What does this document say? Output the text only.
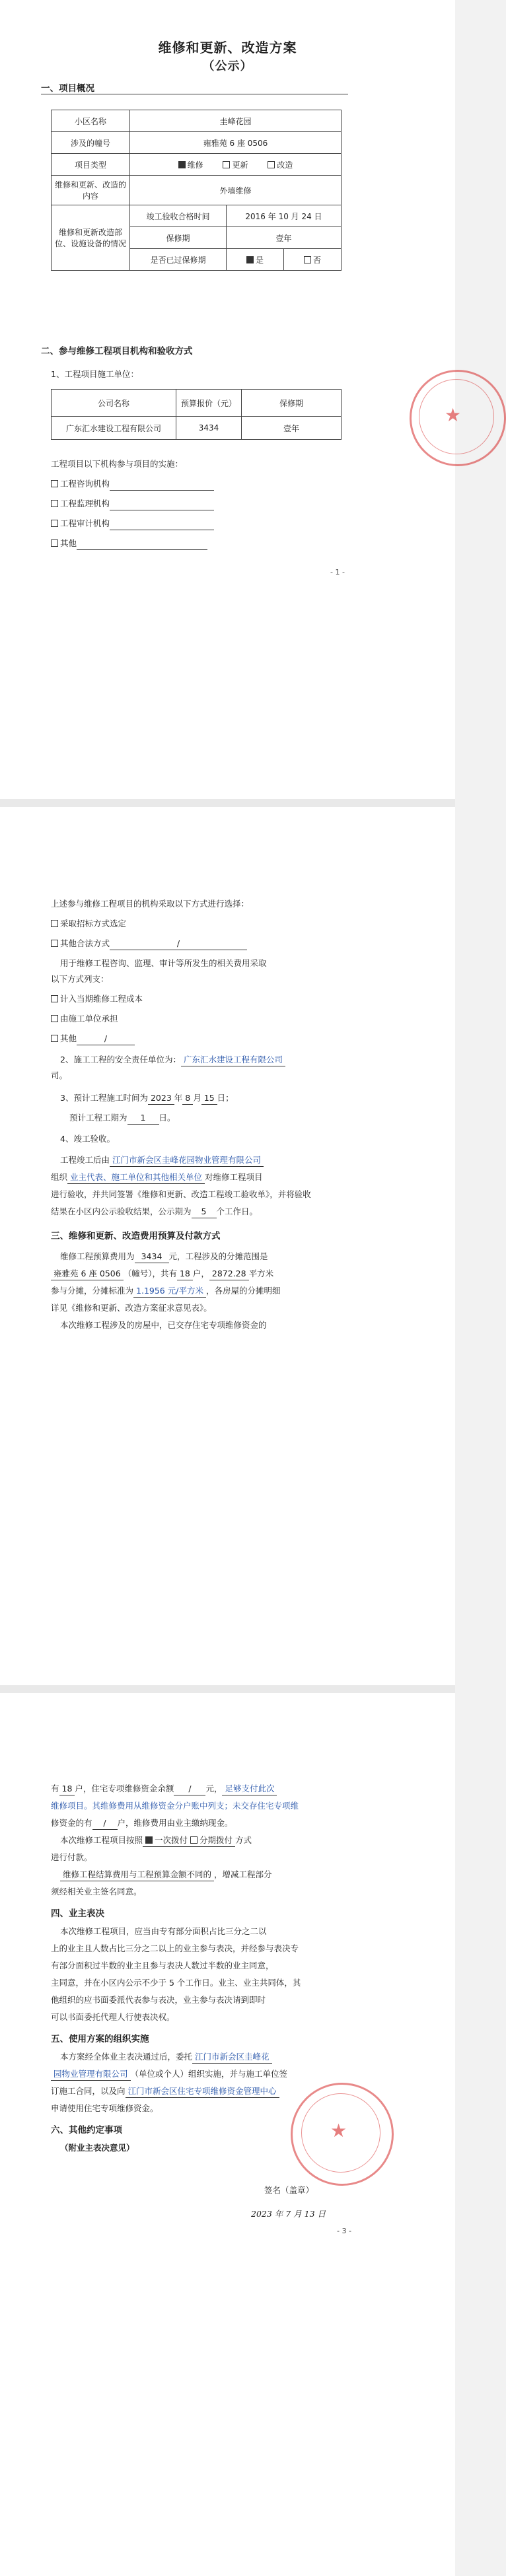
维修和更新、改造方案
（公示）
一、项目概况
小区名称	圭峰花园		
涉及的幢号	雍雅苑 6 座 0506		
项目类型	维修 更新 改造		
维修和更新、改造的内容	外墙维修		
维修和更新改造部位、设施设备的情况	竣工验收合格时间	2016 年 10 月 24 日	
	保修期	壹年	
	是否已过保修期	是	否
二、参与维修工程项目机构和验收方式
1、工程项目施工单位：
公司名称	预算报价（元）	保修期
广东汇水建设工程有限公司	3434	壹年
工程项目以下机构参与项目的实施：
工程咨询机构
工程监理机构
工程审计机构
其他
- 1 -
★
上述参与维修工程项目的机构采取以下方式进行选择：
采取招标方式选定
其他合法方式	/
用于维修工程咨询、监理、审计等所发生的相关费用采取
以下方式列支：
计入当期维修工程成本
由施工单位承担
其他	/
2、施工工程的安全责任单位为： 广东汇水建设工程有限公司
司。
3、预计工程施工时间为 2023 年 8 月 15 日；
预计工程工期为 1 日。
4、竣工验收。
工程竣工后由 江门市新会区圭峰花园物业管理有限公司
组织 业主代表、施工单位和其他相关单位 对维修工程项目
进行验收，并共同签署《维修和更新、改造工程竣工验收单》，并将验收
结果在小区内公示验收结果，公示期为 5 个工作日。
三、维修和更新、改造费用预算及付款方式
维修工程预算费用为 3434 元，工程涉及的分摊范围是
雍雅苑 6 座 0506 （幢号），共有 18 户， 2872.28 平方米
参与分摊，分摊标准为 1.1956 元/平方米 ，各房屋的分摊明细
详见《维修和更新、改造方案征求意见表》。
本次维修工程涉及的房屋中，已交存住宅专项维修资金的
有 18 户，住宅专项维修资金余额 / 元， 足够支付此次
维修项目。其维修费用从维修资金分户账中列支；未交存住宅专项维
修资金的有 / 户，维修费用由业主缴纳现金。
本次维修工程项目按照 一次拨付 分期拨付 方式
进行付款。
维修工程结算费用与工程预算金额不同的 ，增减工程部分
须经相关业主签名同意。
四、业主表决
本次维修工程项目，应当由专有部分面积占比三分之二以
上的业主且人数占比三分之二以上的业主参与表决，并经参与表决专
有部分面积过半数的业主且参与表决人数过半数的业主同意，
主同意，并在小区内公示不少于 5 个工作日。业主、业主共同体，其
他组织的应书面委派代表参与表决，业主参与表决请到即时
可以书面委托代理人行使表决权。
五、使用方案的组织实施
本方案经全体业主表决通过后，委托 江门市新会区圭峰花
园物业管理有限公司 （单位或个人）组织实施，并与施工单位签
订施工合同，以及向 江门市新会区住宅专项维修资金管理中心
申请使用住宅专项维修资金。
六、其他约定事项
（附业主表决意见）
签名（盖章）
2023 年 7 月 13 日
- 3 -
★
